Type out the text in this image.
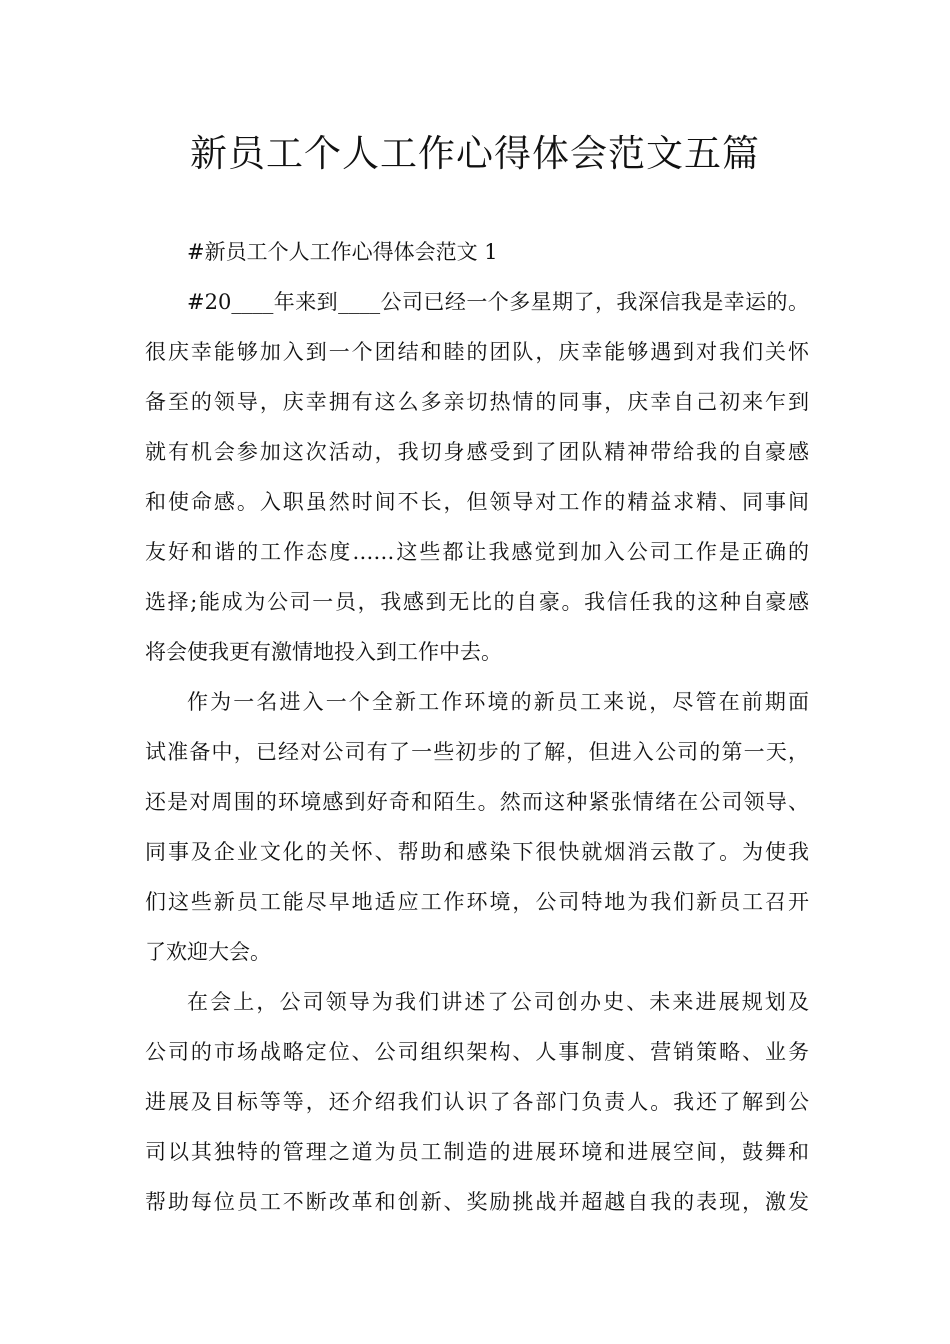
新员工个人工作心得体会范文五篇
#新员工个人工作心得体会范文 1
#20____年来到____公司已经一个多星期了，我深信我是幸运的。
很庆幸能够加入到一个团结和睦的团队，庆幸能够遇到对我们关怀
备至的领导，庆幸拥有这么多亲切热情的同事，庆幸自己初来乍到
就有机会参加这次活动，我切身感受到了团队精神带给我的自豪感
和使命感。入职虽然时间不长，但领导对工作的精益求精、同事间
友好和谐的工作态度……这些都让我感觉到加入公司工作是正确的
选择;能成为公司一员，我感到无比的自豪。我信任我的这种自豪感
将会使我更有激情地投入到工作中去。
作为一名进入一个全新工作环境的新员工来说，尽管在前期面
试准备中，已经对公司有了一些初步的了解，但进入公司的第一天，
还是对周围的环境感到好奇和陌生。然而这种紧张情绪在公司领导、
同事及企业文化的关怀、帮助和感染下很快就烟消云散了。为使我
们这些新员工能尽早地适应工作环境，公司特地为我们新员工召开
了欢迎大会。
在会上，公司领导为我们讲述了公司创办史、未来进展规划及
公司的市场战略定位、公司组织架构、人事制度、营销策略、业务
进展及目标等等，还介绍我们认识了各部门负责人。我还了解到公
司以其独特的管理之道为员工制造的进展环境和进展空间，鼓舞和
帮助每位员工不断改革和创新、奖励挑战并超越自我的表现，激发
